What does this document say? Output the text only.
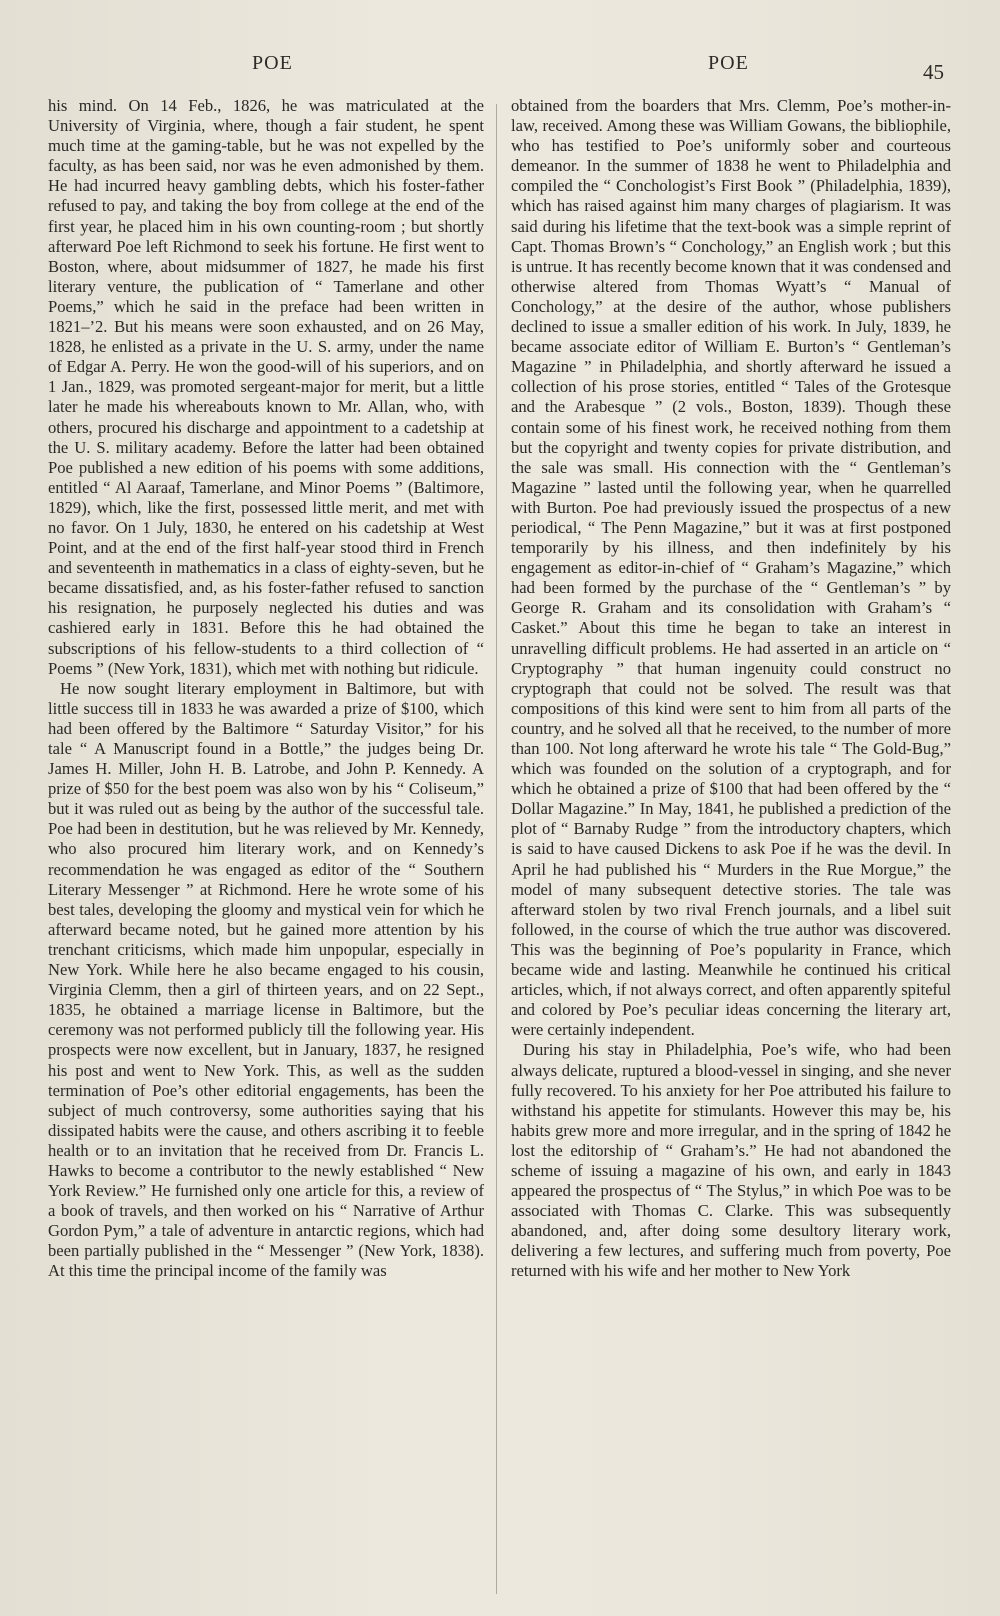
POE	POE	45

his mind. On 14 Feb., 1826, he was matriculated at the University of Virginia, where, though a fair student, he spent much time at the gaming-table, but he was not expelled by the faculty, as has been said, nor was he even admonished by them. He had incurred heavy gambling debts, which his foster-father refused to pay, and taking the boy from college at the end of the first year, he placed him in his own counting-room ; but shortly afterward Poe left Richmond to seek his fortune. He first went to Boston, where, about midsummer of 1827, he made his first literary venture, the publication of “ Tamerlane and other Poems,” which he said in the preface had been written in 1821–’2. But his means were soon exhausted, and on 26 May, 1828, he enlisted as a private in the U. S. army, under the name of Edgar A. Perry. He won the good-will of his superiors, and on 1 Jan., 1829, was promoted sergeant-major for merit, but a little later he made his whereabouts known to Mr. Allan, who, with others, procured his discharge and appointment to a cadetship at the U. S. military academy. Before the latter had been obtained Poe published a new edition of his poems with some additions, entitled “ Al Aaraaf, Tamerlane, and Minor Poems ” (Baltimore, 1829), which, like the first, possessed little merit, and met with no favor. On 1 July, 1830, he entered on his cadetship at West Point, and at the end of the first half-year stood third in French and seventeenth in mathematics in a class of eighty-seven, but he became dissatisfied, and, as his foster-father refused to sanction his resignation, he purposely neglected his duties and was cashiered early in 1831. Before this he had obtained the subscriptions of his fellow-students to a third collection of “ Poems ” (New York, 1831), which met with nothing but ridicule.

He now sought literary employment in Baltimore, but with little success till in 1833 he was awarded a prize of $100, which had been offered by the Baltimore “ Saturday Visitor,” for his tale “ A Manuscript found in a Bottle,” the judges being Dr. James H. Miller, John H. B. Latrobe, and John P. Kennedy. A prize of $50 for the best poem was also won by his “ Coliseum,” but it was ruled out as being by the author of the successful tale. Poe had been in destitution, but he was relieved by Mr. Kennedy, who also procured him literary work, and on Kennedy’s recommendation he was engaged as editor of the “ Southern Literary Messenger ” at Richmond. Here he wrote some of his best tales, developing the gloomy and mystical vein for which he afterward became noted, but he gained more attention by his trenchant criticisms, which made him unpopular, especially in New York. While here he also became engaged to his cousin, Virginia Clemm, then a girl of thirteen years, and on 22 Sept., 1835, he obtained a marriage license in Baltimore, but the ceremony was not performed publicly till the following year. His prospects were now excellent, but in January, 1837, he resigned his post and went to New York. This, as well as the sudden termination of Poe’s other editorial engagements, has been the subject of much controversy, some authorities saying that his dissipated habits were the cause, and others ascribing it to feeble health or to an invitation that he received from Dr. Francis L. Hawks to become a contributor to the newly established “ New York Review.” He furnished only one article for this, a review of a book of travels, and then worked on his “ Narrative of Arthur Gordon Pym,” a tale of adventure in antarctic regions, which had been partially published in the “ Messenger ” (New York, 1838). At this time the principal income of the family was

obtained from the boarders that Mrs. Clemm, Poe’s mother-in-law, received. Among these was William Gowans, the bibliophile, who has testified to Poe’s uniformly sober and courteous demeanor. In the summer of 1838 he went to Philadelphia and compiled the “ Conchologist’s First Book ” (Philadelphia, 1839), which has raised against him many charges of plagiarism. It was said during his lifetime that the text-book was a simple reprint of Capt. Thomas Brown’s “ Conchology,” an English work ; but this is untrue. It has recently become known that it was condensed and otherwise altered from Thomas Wyatt’s “ Manual of Conchology,” at the desire of the author, whose publishers declined to issue a smaller edition of his work. In July, 1839, he became associate editor of William E. Burton’s “ Gentleman’s Magazine ” in Philadelphia, and shortly afterward he issued a collection of his prose stories, entitled “ Tales of the Grotesque and the Arabesque ” (2 vols., Boston, 1839). Though these contain some of his finest work, he received nothing from them but the copyright and twenty copies for private distribution, and the sale was small. His connection with the “ Gentleman’s Magazine ” lasted until the following year, when he quarrelled with Burton. Poe had previously issued the prospectus of a new periodical, “ The Penn Magazine,” but it was at first postponed temporarily by his illness, and then indefinitely by his engagement as editor-in-chief of “ Graham’s Magazine,” which had been formed by the purchase of the “ Gentleman’s ” by George R. Graham and its consolidation with Graham’s “ Casket.” About this time he began to take an interest in unravelling difficult problems. He had asserted in an article on “ Cryptography ” that human ingenuity could construct no cryptograph that could not be solved. The result was that compositions of this kind were sent to him from all parts of the country, and he solved all that he received, to the number of more than 100. Not long afterward he wrote his tale “ The Gold-Bug,” which was founded on the solution of a cryptograph, and for which he obtained a prize of $100 that had been offered by the “ Dollar Magazine.” In May, 1841, he published a prediction of the plot of “ Barnaby Rudge ” from the introductory chapters, which is said to have caused Dickens to ask Poe if he was the devil. In April he had published his “ Murders in the Rue Morgue,” the model of many subsequent detective stories. The tale was afterward stolen by two rival French journals, and a libel suit followed, in the course of which the true author was discovered. This was the beginning of Poe’s popularity in France, which became wide and lasting. Meanwhile he continued his critical articles, which, if not always correct, and often apparently spiteful and colored by Poe’s peculiar ideas concerning the literary art, were certainly independent.

During his stay in Philadelphia, Poe’s wife, who had been always delicate, ruptured a blood-vessel in singing, and she never fully recovered. To his anxiety for her Poe attributed his failure to withstand his appetite for stimulants. However this may be, his habits grew more and more irregular, and in the spring of 1842 he lost the editorship of “ Graham’s.” He had not abandoned the scheme of issuing a magazine of his own, and early in 1843 appeared the prospectus of “ The Stylus,” in which Poe was to be associated with Thomas C. Clarke. This was subsequently abandoned, and, after doing some desultory literary work, delivering a few lectures, and suffering much from poverty, Poe returned with his wife and her mother to New York
